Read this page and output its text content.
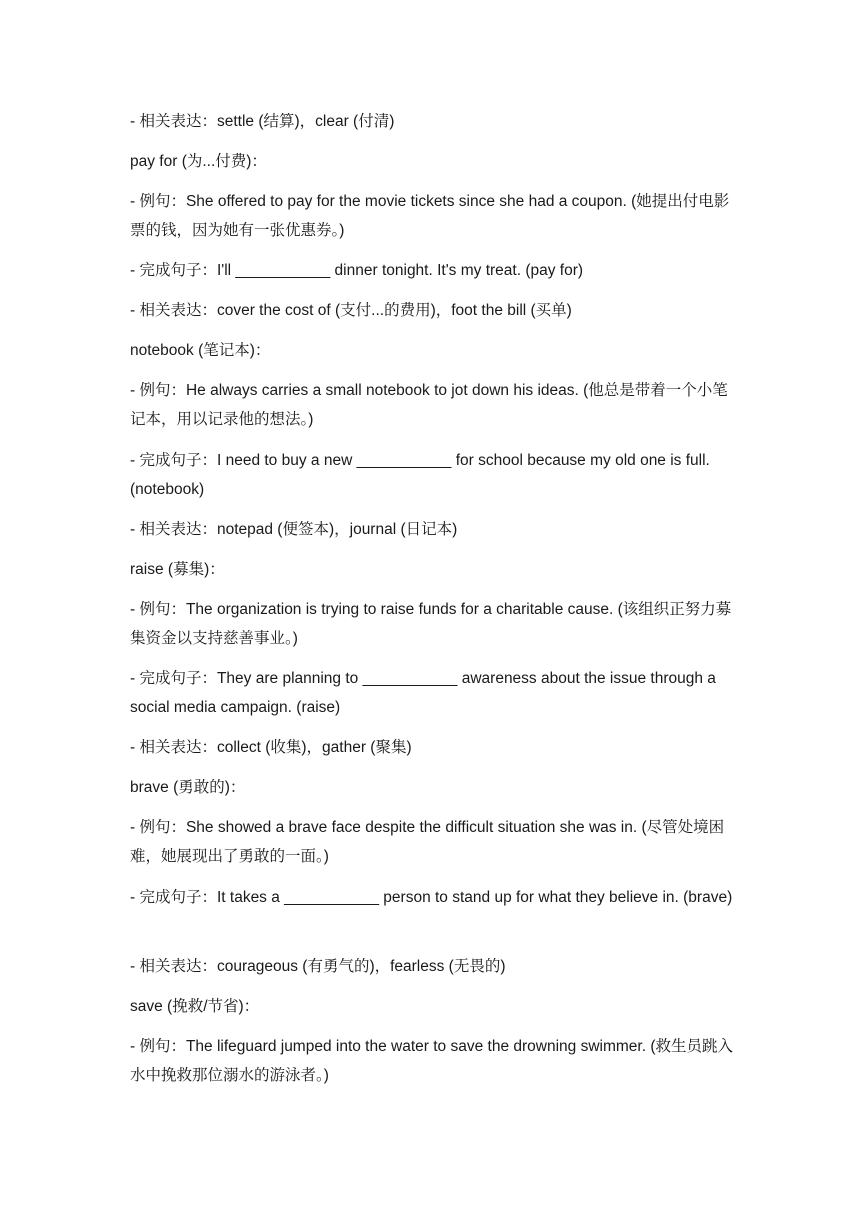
- 相关表达：settle (结算)，clear (付清)
pay for (为...付费)：
- 例句：She offered to pay for the movie tickets since she had a coupon. (她提出付电影票的钱，因为她有一张优惠券。)
- 完成句子：I'll ___________ dinner tonight. It's my treat. (pay for)
- 相关表达：cover the cost of (支付...的费用)，foot the bill (买单)
notebook (笔记本)：
- 例句：He always carries a small notebook to jot down his ideas. (他总是带着一个小笔记本，用以记录他的想法。)
- 完成句子：I need to buy a new ___________ for school because my old one is full. (notebook)
- 相关表达：notepad (便签本)，journal (日记本)
raise (募集)：
- 例句：The organization is trying to raise funds for a charitable cause. (该组织正努力募集资金以支持慈善事业。)
- 完成句子：They are planning to ___________ awareness about the issue through a social media campaign. (raise)
- 相关表达：collect (收集)，gather (聚集)
brave (勇敢的)：
- 例句：She showed a brave face despite the difficult situation she was in. (尽管处境困难，她展现出了勇敢的一面。)
- 完成句子：It takes a ___________ person to stand up for what they believe in. (brave)
- 相关表达：courageous (有勇气的)，fearless (无畏的)
save (挽救/节省)：
- 例句：The lifeguard jumped into the water to save the drowning swimmer. (救生员跳入水中挽救那位溺水的游泳者。)
